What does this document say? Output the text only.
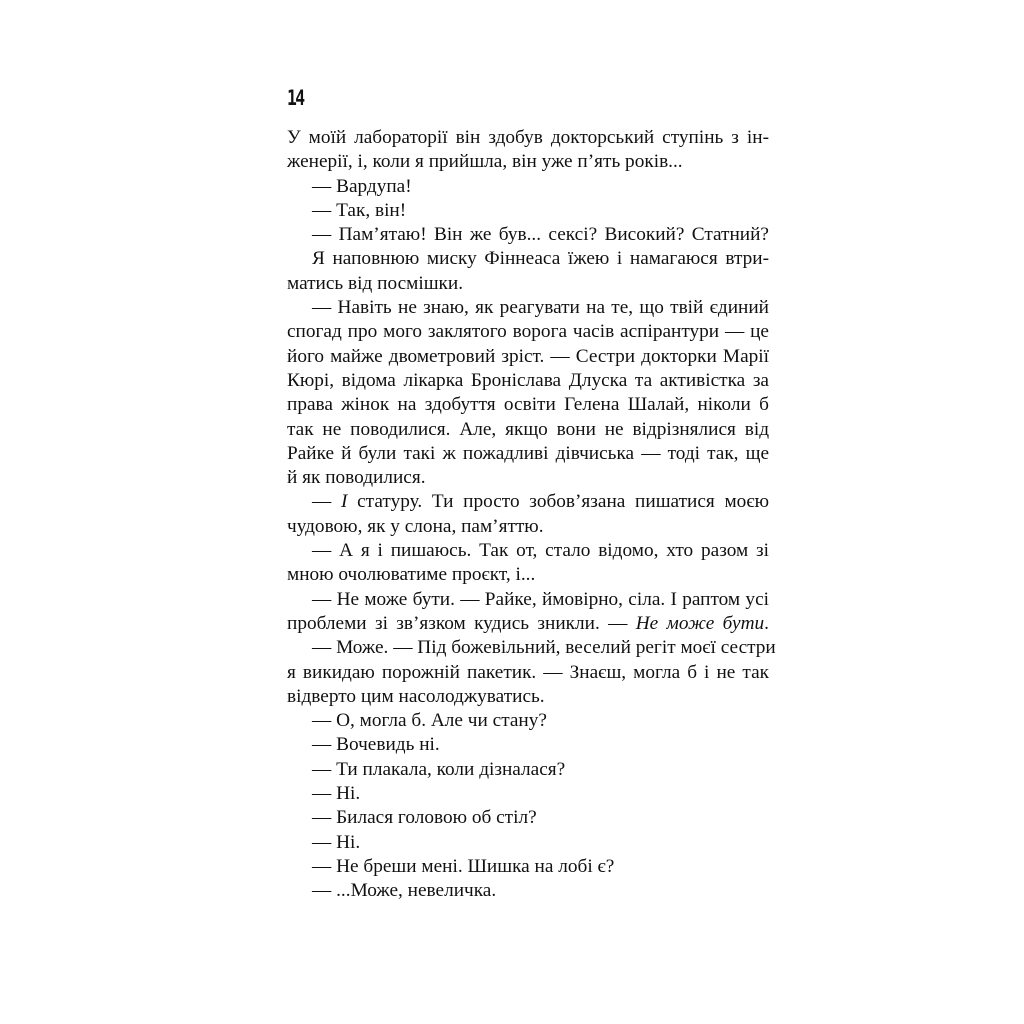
14
У моїй лабораторії він здобув докторський ступінь з ін-
женерії, і, коли я прийшла, він уже п’ять років...
— Вардупа!
— Так, він!
— Пам’ятаю! Він же був... сексі? Високий? Статний?
Я наповнюю миску Фіннеаса їжею і намагаюся втри-
матись від посмішки.
— Навіть не знаю, як реагувати на те, що твій єдиний
спогад про мого заклятого ворога часів аспірантури — це
його майже двометровий зріст. — Сестри докторки Марії
Кюрі, відома лікарка Броніслава Длуска та активістка за
права жінок на здобуття освіти Гелена Шалай, ніколи б
так не поводилися. Але, якщо вони не відрізнялися від
Райке й були такі ж пожадливі дівчиська — тоді так, ще
й як поводилися.
— І статуру. Ти просто зобов’язана пишатися моєю
чудовою, як у слона, пам’яттю.
— А я і пишаюсь. Так от, стало відомо, хто разом зі
мною очолюватиме проєкт, і...
— Не може бути. — Райке, ймовірно, сіла. І раптом усі
проблеми зі зв’язком кудись зникли. — Не може бути.
— Може. — Під божевільний, веселий регіт моєї сестри
я викидаю порожній пакетик. — Знаєш, могла б і не так
відверто цим насолоджуватись.
— О, могла б. Але чи стану?
— Вочевидь ні.
— Ти плакала, коли дізналася?
— Ні.
— Билася головою об стіл?
— Ні.
— Не бреши мені. Шишка на лобі є?
— ...Може, невеличка.
